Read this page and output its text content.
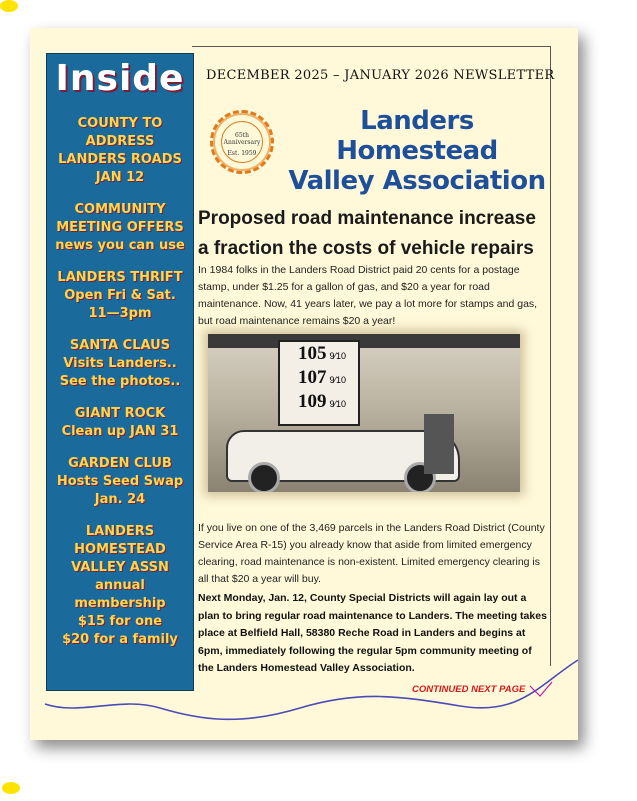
Inside
COUNTY TO
ADDRESS
LANDERS ROADS
JAN 12
COMMUNITY
MEETING OFFERS
news you can use
LANDERS THRIFT
Open Fri & Sat.
11—3pm
SANTA CLAUS
Visits Landers..
See the photos..
GIANT ROCK
Clean up JAN 31
GARDEN CLUB
Hosts Seed Swap
Jan. 24
LANDERS
HOMESTEAD
VALLEY ASSN
annual
membership
$15 for one
$20 for a family
DECEMBER 2025 – JANUARY 2026 NEWSLETTER
65th
Anniversary
Est. 1959
Landers Homestead
Valley Association
Proposed road maintenance increase
a fraction the costs of vehicle repairs
In 1984 folks in the Landers Road District paid 20 cents for a postage stamp, under $1.25 for a gallon of gas, and $20 a year for road maintenance. Now, 41 years later, we pay a lot more for stamps and gas, but road maintenance remains $20 a year!
105 9⁄10
107 9⁄10
109 9⁄10

If you live on one of the 3,469 parcels in the Landers Road District (County Service Area R-15) you already know that aside from limited emergency clearing, road maintenance is non-existent. Limited emergency clearing is all that $20 a year will buy.
Next Monday, Jan. 12, County Special Districts will again lay out a plan to bring regular road maintenance to Landers. The meeting takes place at Belfield Hall, 58380 Reche Road in Landers and begins at 6pm, immediately following the regular 5pm community meeting of the Landers Homestead Valley Association.
CONTINUED NEXT PAGE
